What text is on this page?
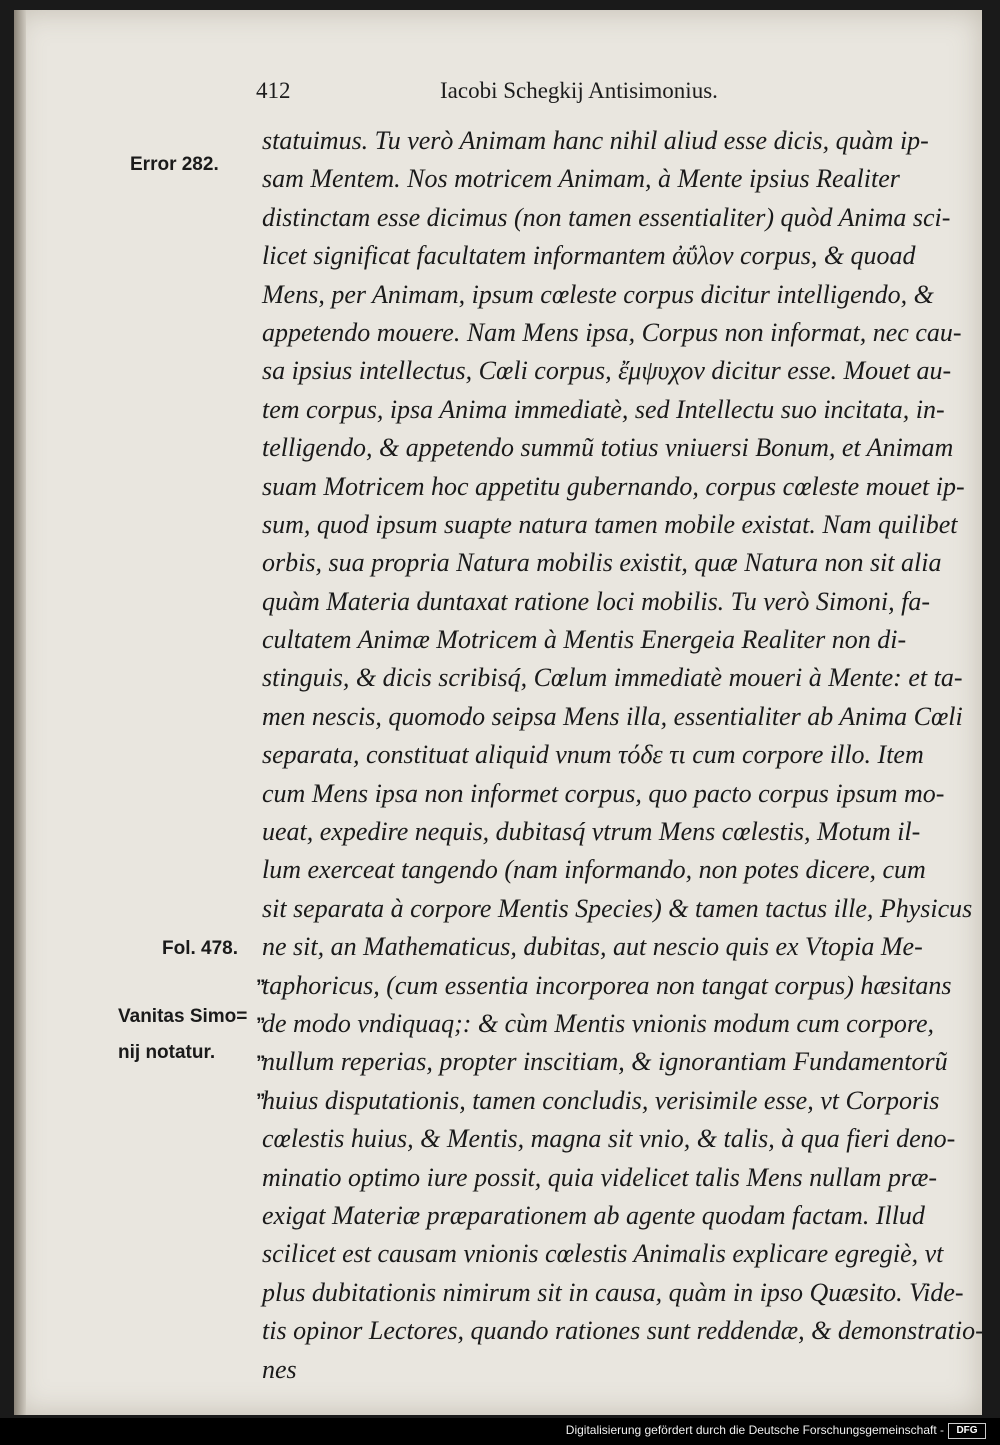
412	Iacobi Schegkij Antisimonius.
statuimus. Tu verò Animam hanc nihil aliud esse dicis, quàm ip-
sam Mentem. Nos motricem Animam, à Mente ipsius Realiter
distinctam esse dicimus (non tamen essentialiter) quòd Anima sci-
licet significat facultatem informantem ἀΰλον corpus, & quoad
Mens, per Animam, ipsum cœleste corpus dicitur intelligendo, &
appetendo mouere. Nam Mens ipsa, Corpus non informat, nec cau-
sa ipsius intellectus, Cœli corpus, ἔμψυχον dicitur esse. Mouet au-
tem corpus, ipsa Anima immediatè, sed Intellectu suo incitata, in-
telligendo, & appetendo summũ totius vniuersi Bonum, et Animam
suam Motricem hoc appetitu gubernando, corpus cœleste mouet ip-
sum, quod ipsum suapte natura tamen mobile existat. Nam quilibet
orbis, sua propria Natura mobilis existit, quæ Natura non sit alia
quàm Materia duntaxat ratione loci mobilis. Tu verò Simoni, fa-
cultatem Animæ Motricem à Mentis Energeia Realiter non di-
stinguis, & dicis scribisq́, Cœlum immediatè moueri à Mente: et ta-
men nescis, quomodo seipsa Mens illa, essentialiter ab Anima Cœli
separata, constituat aliquid vnum τόδε τι cum corpore illo. Item
cum Mens ipsa non informet corpus, quo pacto corpus ipsum mo-
ueat, expedire nequis, dubitasq́ vtrum Mens cœlestis, Motum il-
lum exerceat tangendo (nam informando, non potes dicere, cum
sit separata à corpore Mentis Species) & tamen tactus ille, Physicus
ne sit, an Mathematicus, dubitas, aut nescio quis ex Vtopia Me-
taphoricus, (cum essentia incorporea non tangat corpus) hæsitans
de modo vndiquaq;: & cùm Mentis vnionis modum cum corpore,
nullum reperias, propter inscitiam, & ignorantiam Fundamentorũ
huius disputationis, tamen concludis, verisimile esse, vt Corporis
cœlestis huius, & Mentis, magna sit vnio, & talis, à qua fieri deno-
minatio optimo iure possit, quia videlicet talis Mens nullam præ-
exigat Materiæ præparationem ab agente quodam factam. Illud
scilicet est causam vnionis cœlestis Animalis explicare egregiè, vt
plus dubitationis nimirum sit in causa, quàm in ipso Quæsito. Vide-
tis opinor Lectores, quando rationes sunt reddendæ, & demonstratio-
nes
Error 282.
Fol. 478.
„
„
„
„
Vanitas Simo=
nij notatur.
Digitalisierung gefördert durch die Deutsche Forschungsgemeinschaft -	DFG
